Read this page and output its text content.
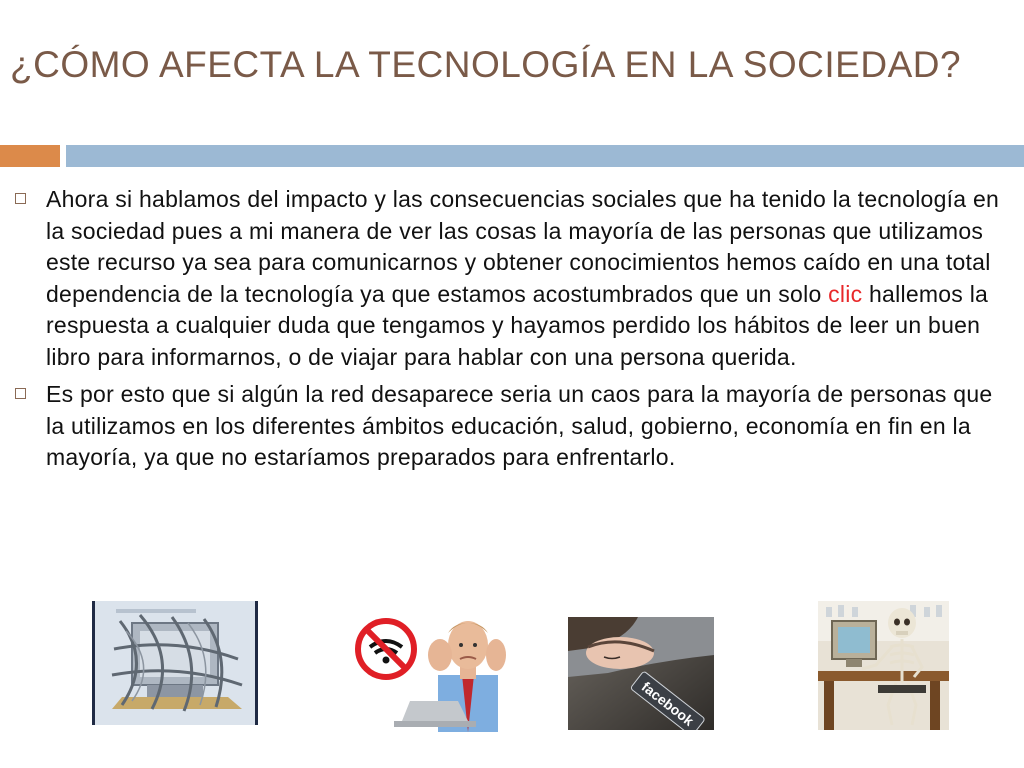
¿CÓMO AFECTA LA TECNOLOGÍA EN LA SOCIEDAD?

Ahora si hablamos del impacto y las consecuencias sociales que ha tenido la tecnología en la sociedad pues a mi manera de ver las cosas la mayoría de las personas que utilizamos este recurso ya sea para comunicarnos y obtener conocimientos hemos caído en una total dependencia de la tecnología ya que estamos acostumbrados que un solo clic hallemos la respuesta a cualquier duda que tengamos y hayamos perdido los hábitos de leer un buen libro para informarnos, o de viajar para hablar con una persona querida.

Es por esto que si algún la red desaparece seria un caos para la mayoría de personas que la utilizamos en los diferentes ámbitos educación, salud, gobierno, economía en fin en la mayoría, ya que no estaríamos preparados para enfrentarlo.

facebook
